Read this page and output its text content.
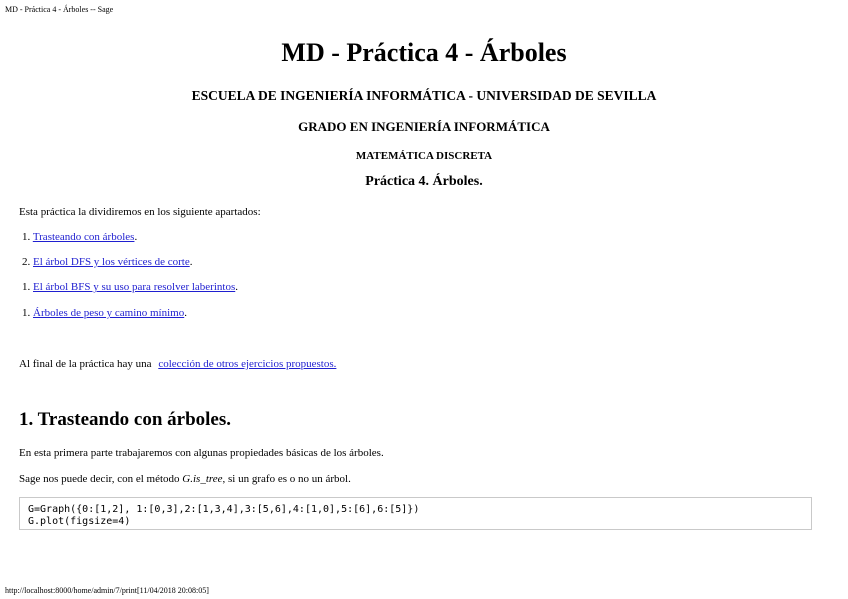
MD - Práctica 4 - Árboles -- Sage
MD - Práctica 4 - Árboles
ESCUELA DE INGENIERÍA INFORMÁTICA - UNIVERSIDAD DE SEVILLA
GRADO EN INGENIERÍA INFORMÁTICA
MATEMÁTICA DISCRETA
Práctica 4. Árboles.
Esta práctica la dividiremos en los siguiente apartados:
1. Trasteando con árboles.
2. El árbol DFS y los vértices de corte.
1. El árbol BFS y su uso para resolver laberintos.
1. Árboles de peso y camino mínimo.
Al final de la práctica hay una colección de otros ejercicios propuestos.
1. Trasteando con árboles.
En esta primera parte trabajaremos con algunas propiedades básicas de los árboles.
Sage nos puede decir, con el método G.is_tree, si un grafo es o no un árbol.
G=Graph({0:[1,2], 1:[0,3],2:[1,3,4],3:[5,6],4:[1,0],5:[6],6:[5]})
G.plot(figsize=4)
http://localhost:8000/home/admin/7/print[11/04/2018 20:08:05]
